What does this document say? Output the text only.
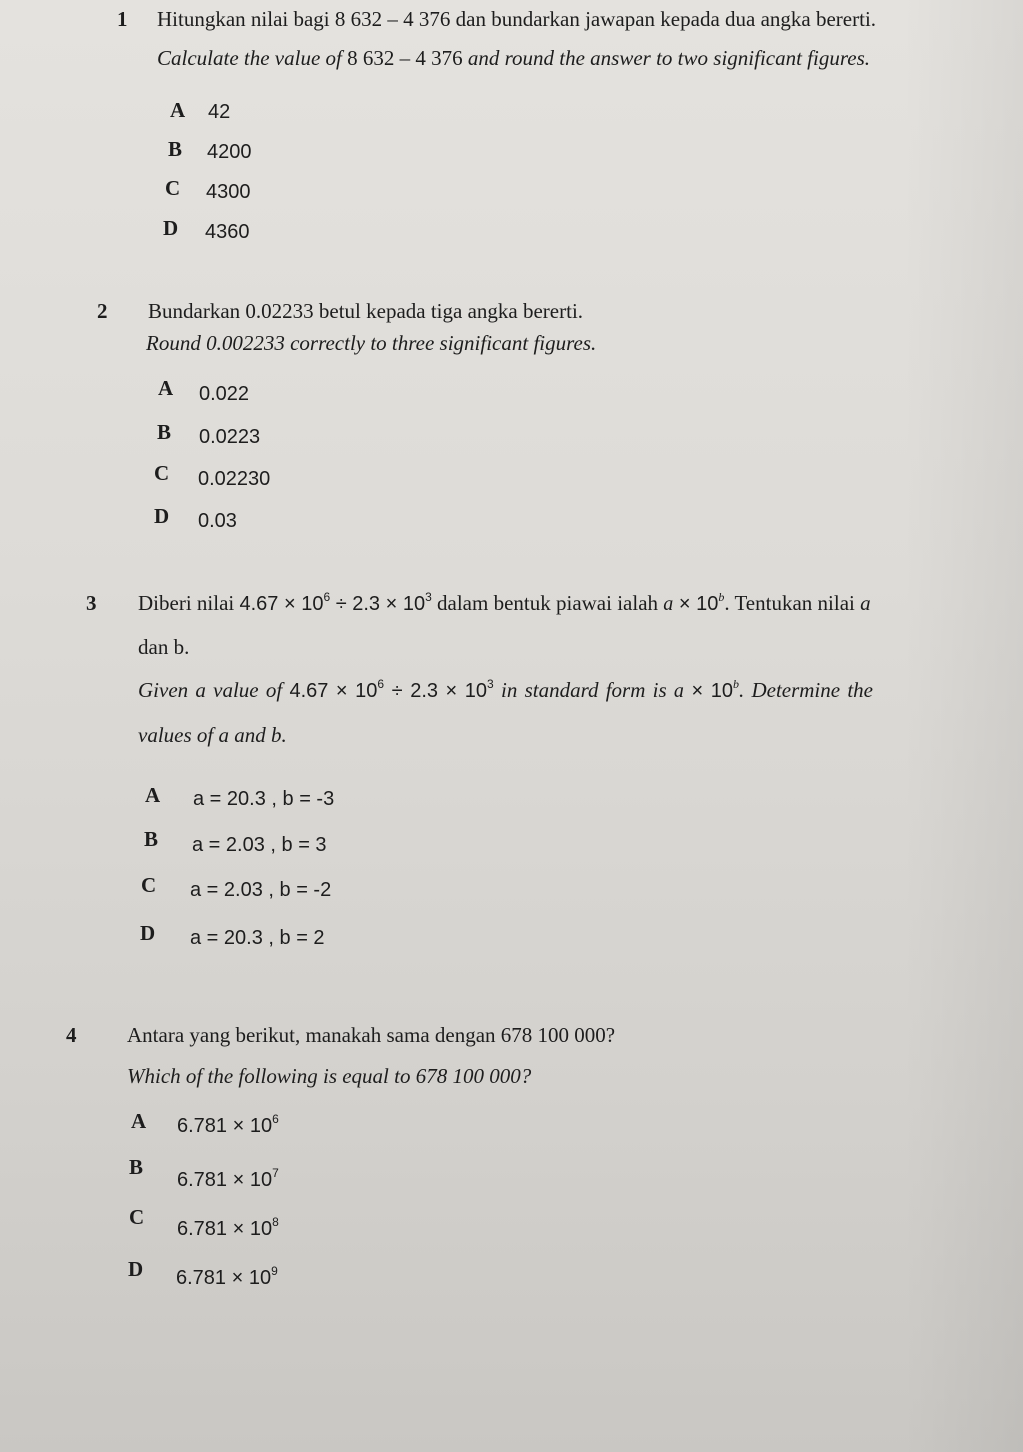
1 Hitungkan nilai bagi 8 632 – 4 376 dan bundarkan jawapan kepada dua angka bererti.
Calculate the value of 8 632 – 4 376 and round the answer to two significant figures.
A 42
B 4200
C 4300
D 4360
2 Bundarkan 0.02233 betul kepada tiga angka bererti.
Round 0.002233 correctly to three significant figures.
A 0.022
B 0.0223
C 0.02230
D 0.03
3 Diberi nilai $4.67 \times 10^6 \div 2.3 \times 10^3$ dalam bentuk piawai ialah $a \times 10^b$. Tentukan nilai a
dan b.
Given a value of $4.67 \times 10^6 \div 2.3 \times 10^3$ in standard form is $a \times 10^b$. Determine the
values of a and b.
A a = 20.3 , b = -3
B a = 2.03 , b = 3
C a = 2.03 , b = -2
D a = 20.3 , b = 2
4 Antara yang berikut, manakah sama dengan 678 100 000?
Which of the following is equal to 678 100 000?
A $6.781 \times 10^6$
B
$6.781 \times 10^7$
C $6.781 \times 10^8$
D $6.781 \times 10^9$
